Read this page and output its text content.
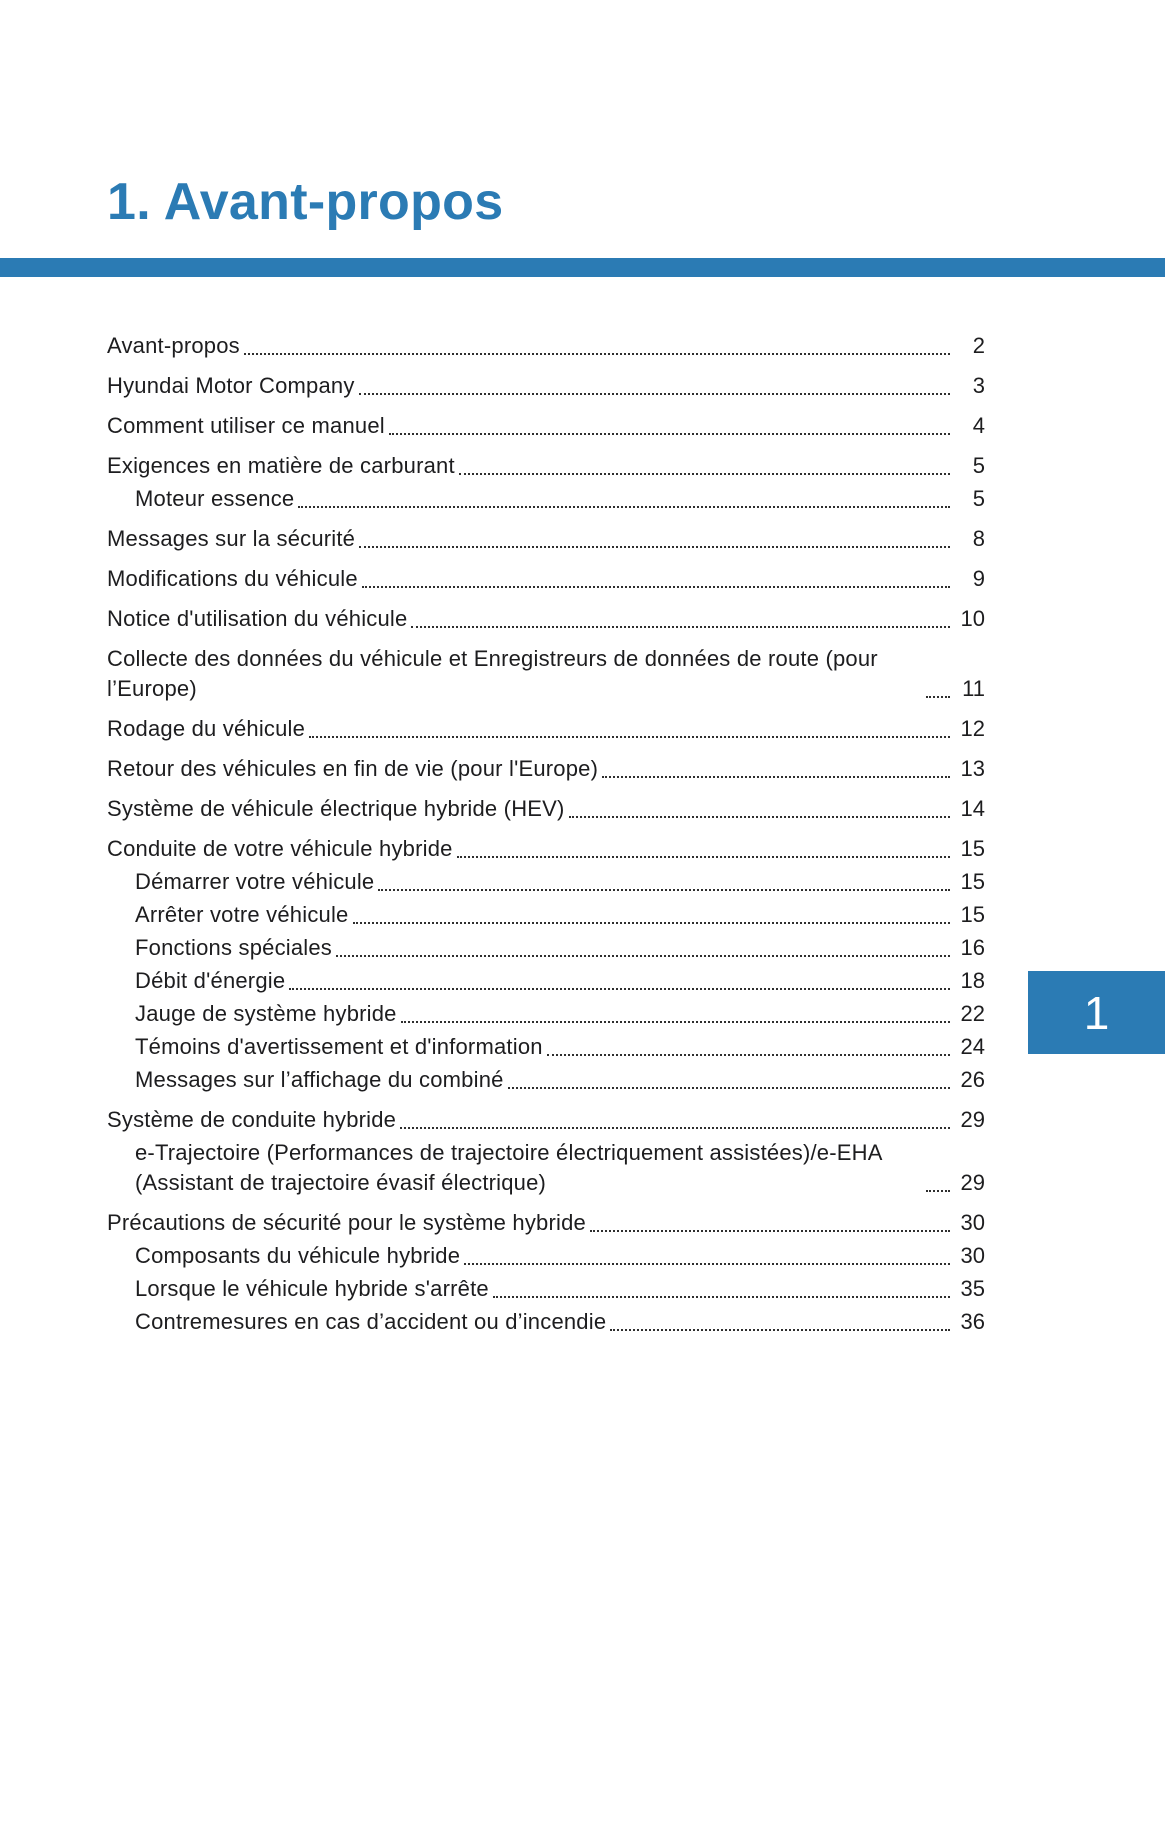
1. Avant-propos
Avant-propos	2
Hyundai Motor Company	3
Comment utiliser ce manuel	4
Exigences en matière de carburant	5
Moteur essence	5
Messages sur la sécurité	8
Modifications du véhicule	9
Notice d'utilisation du véhicule	10
Collecte des données du véhicule et Enregistreurs de données de route (pour l’Europe)	11
Rodage du véhicule	12
Retour des véhicules en fin de vie (pour l'Europe)	13
Système de véhicule électrique hybride (HEV)	14
Conduite de votre véhicule hybride	15
Démarrer votre véhicule	15
Arrêter votre véhicule	15
Fonctions spéciales	16
Débit d'énergie	18
Jauge de système hybride	22
Témoins d'avertissement et d'information	24
Messages sur l’affichage du combiné	26
Système de conduite hybride	29
e-Trajectoire (Performances de trajectoire électriquement assistées)/e-EHA (Assistant de trajectoire évasif électrique)	29
Précautions de sécurité pour le système hybride	30
Composants du véhicule hybride	30
Lorsque le véhicule hybride s'arrête	35
Contremesures en cas d’accident ou d’incendie	36
1
